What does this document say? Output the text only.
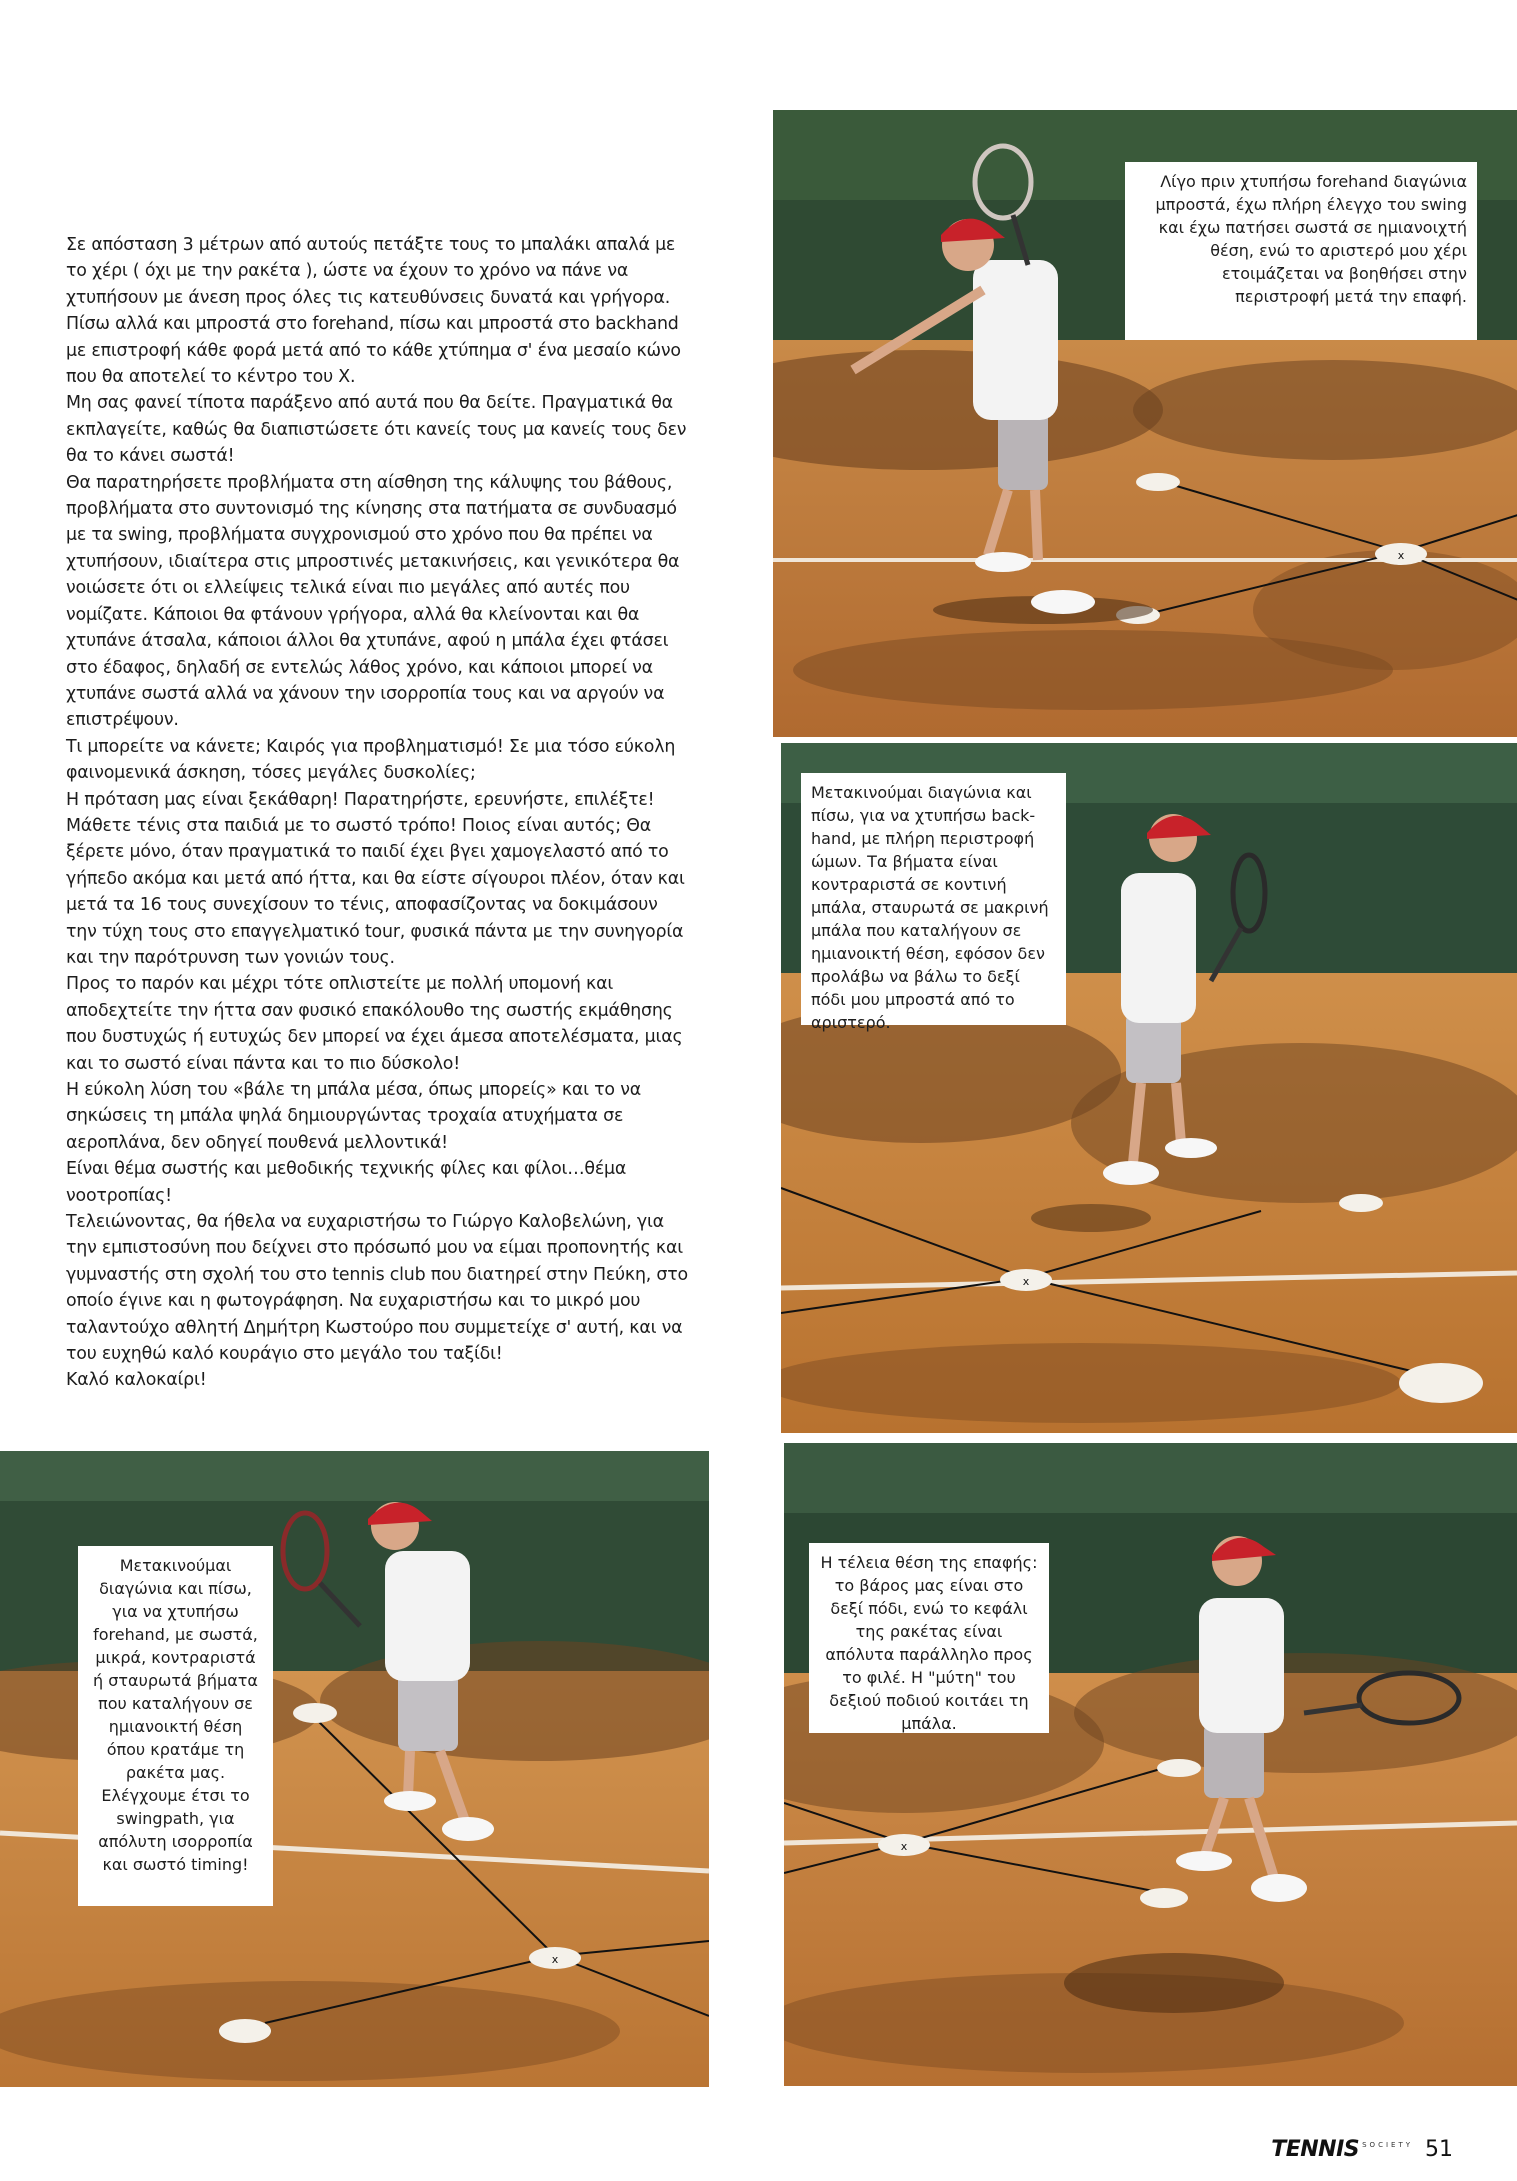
Σε απόσταση 3 μέτρων από αυτούς πετάξτε τους το μπαλάκι απαλά με το χέρι ( όχι με την ρακέτα ), ώστε να έχουν το χρόνο να πάνε να χτυπήσουν με άνεση προς όλες τις κατευθύνσεις δυνατά και γρήγορα. Πίσω αλλά και μπροστά στο forehand, πίσω και μπροστά στο backhand με επιστροφή κάθε φορά μετά από το κάθε χτύπημα σ' ένα μεσαίο κώνο που θα αποτελεί το κέντρο του Χ.

Μη σας φανεί τίποτα παράξενο από αυτά που θα δείτε. Πραγματικά θα εκπλαγείτε, καθώς θα διαπιστώσετε ότι κανείς τους μα κανείς τους δεν θα το κάνει σωστά!

Θα παρατηρήσετε προβλήματα στη αίσθηση της κάλυψης του βάθους, προβλήματα στο συντονισμό της κίνησης στα πατήματα σε συνδυασμό με τα swing, προβλήματα συγχρονισμού στο χρόνο που θα πρέπει να χτυπήσουν, ιδιαίτερα στις μπροστινές μετακινήσεις, και γενικότερα θα νοιώσετε ότι οι ελλείψεις τελικά είναι πιο μεγάλες από αυτές που νομίζατε. Κάποιοι θα φτάνουν γρήγορα, αλλά θα κλείνονται και θα χτυπάνε άτσαλα, κάποιοι άλλοι θα χτυπάνε, αφού η μπάλα έχει φτάσει στο έδαφος, δηλαδή σε εντελώς λάθος χρόνο, και κάποιοι μπορεί να χτυπάνε σωστά αλλά να χάνουν την ισορροπία τους και να αργούν να επιστρέψουν.

Τι μπορείτε να κάνετε; Καιρός για προβληματισμό! Σε μια τόσο εύκολη φαινομενικά άσκηση, τόσες μεγάλες δυσκολίες;

Η πρόταση μας είναι ξεκάθαρη! Παρατηρήστε, ερευνήστε, επιλέξτε! Μάθετε τένις στα παιδιά με το σωστό τρόπο! Ποιος είναι αυτός; Θα ξέρετε μόνο, όταν πραγματικά το παιδί έχει βγει χαμογελαστό από το γήπεδο ακόμα και μετά από ήττα, και θα είστε σίγουροι πλέον, όταν και μετά τα 16 τους συνεχίσουν το τένις, αποφασίζοντας να δοκιμάσουν την τύχη τους στο επαγγελματικό tour, φυσικά πάντα με την συνηγορία και την παρότρυνση των γονιών τους.

Προς το παρόν και μέχρι τότε οπλιστείτε με πολλή υπομονή και αποδεχτείτε την ήττα σαν φυσικό επακόλουθο της σωστής εκμάθησης που δυστυχώς ή ευτυχώς δεν μπορεί να έχει άμεσα αποτελέσματα, μιας και το σωστό είναι πάντα και το πιο δύσκολο!

Η εύκολη λύση του «βάλε τη μπάλα μέσα, όπως μπορείς» και το να σηκώσεις τη μπάλα ψηλά δημιουργώντας τροχαία ατυχήματα σε αεροπλάνα, δεν οδηγεί πουθενά μελλοντικά!

Είναι θέμα σωστής και μεθοδικής τεχνικής φίλες και φίλοι…θέμα νοοτροπίας!

Τελειώνοντας, θα ήθελα να ευχαριστήσω το Γιώργο Καλοβελώνη, για την εμπιστοσύνη που δείχνει στο πρόσωπό μου να είμαι προπονητής και γυμναστής στη σχολή του στο tennis club που διατηρεί στην Πεύκη, στο οποίο έγινε και η φωτογράφηση. Να ευχαριστήσω και το μικρό μου ταλαντούχο αθλητή Δημήτρη Κωστούρο που συμμετείχε σ' αυτή, και να του ευχηθώ καλό κουράγιο στο μεγάλο του ταξίδι!

Καλό καλοκαίρι!

x
Λίγο πριν χτυπήσω forehand διαγώνια μπροστά, έχω πλήρη έλεγχο του swing και έχω πατήσει σωστά σε ημιανοιχτή θέση, ενώ το αριστερό μου χέρι ετοιμάζεται να βοηθήσει στην περιστροφή μετά την επαφή.
x
Μετακινούμαι διαγώνια και πίσω, για να χτυπήσω back-hand, με πλήρη περιστροφή ώμων. Τα βήματα είναι κοντραριστά σε κοντινή μπάλα, σταυρωτά σε μακρινή μπάλα που καταλήγουν σε ημιανοικτή θέση, εφόσον δεν προλάβω να βάλω το δεξί πόδι μου μπροστά από το αριστερό.
x
Μετακινούμαι διαγώνια και πίσω, για να χτυπήσω forehand, με σωστά, μικρά, κοντραριστά ή σταυρωτά βήματα που καταλήγουν σε ημιανοικτή θέση όπου κρατάμε τη ρακέτα μας. Ελέγχουμε έτσι το swingpath, για απόλυτη ισορροπία και σωστό timing!
x
Η τέλεια θέση της επαφής: το βάρος μας είναι στο δεξί πόδι, ενώ το κεφάλι της ρακέτας είναι απόλυτα παράλληλο προς το φιλέ. Η "μύτη" του δεξιού ποδιού κοιτάει τη μπάλα.
TENNIS $^{SOCIETY}$ 51
